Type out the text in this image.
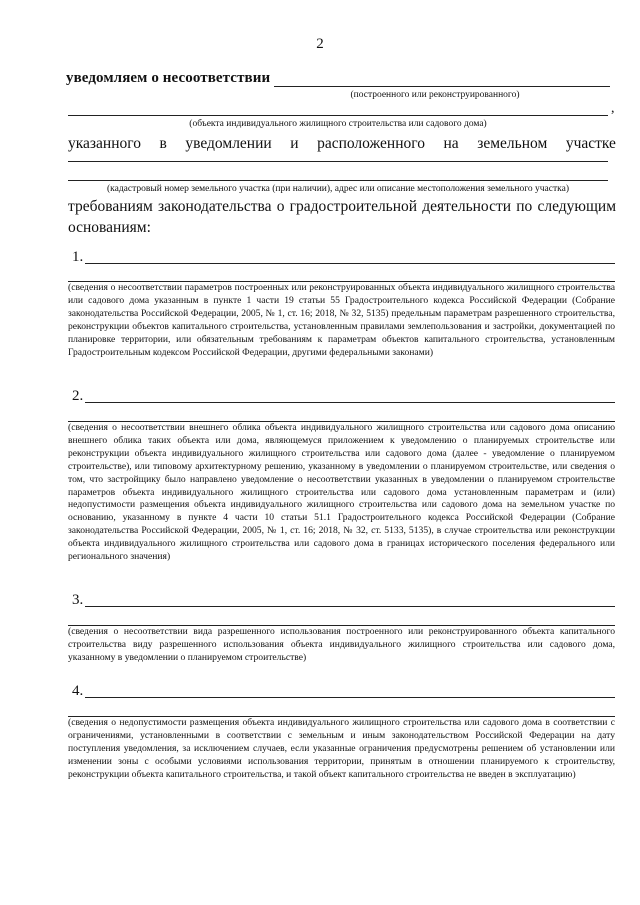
2
уведомляем о несоответствии
(построенного или реконструированного)
,
(объекта индивидуального жилищного строительства или садового дома)
указанного в уведомлении и расположенного на земельном участке
(кадастровый номер земельного участка (при наличии), адрес или описание местоположения земельного участка)
требованиям законодательства о градостроительной деятельности по следующим основаниям:
1.
(сведения о несоответствии параметров построенных или реконструированных объекта индивидуального жилищного строительства или садового дома указанным в пункте 1 части 19 статьи 55 Градостроительного кодекса Российской Федерации (Собрание законодательства Российской Федерации, 2005, № 1, ст. 16; 2018, № 32, 5135) предельным параметрам разрешенного строительства, реконструкции объектов капитального строительства, установленным правилами землепользования и застройки, документацией по планировке территории, или обязательным требованиям к параметрам объектов капитального строительства, установленным Градостроительным кодексом Российской Федерации, другими федеральными законами)
2.
(сведения о несоответствии внешнего облика объекта индивидуального жилищного строительства или садового дома описанию внешнего облика таких объекта или дома, являющемуся приложением к уведомлению о планируемых строительстве или реконструкции объекта индивидуального жилищного строительства или садового дома (далее - уведомление о планируемом строительстве), или типовому архитектурному решению, указанному в уведомлении о планируемом строительстве, или сведения о том, что застройщику было направлено уведомление о несоответствии указанных в уведомлении о планируемом строительстве параметров объекта индивидуального жилищного строительства или садового дома установленным параметрам и (или) недопустимости размещения объекта индивидуального жилищного строительства или садового дома на земельном участке по основанию, указанному в пункте 4 части 10 статьи 51.1 Градостроительного кодекса Российской Федерации (Собрание законодательства Российской Федерации, 2005, № 1, ст. 16; 2018, № 32, ст. 5133, 5135), в случае строительства или реконструкции объекта индивидуального жилищного строительства или садового дома в границах исторического поселения федерального или регионального значения)
3.
(сведения о несоответствии вида разрешенного использования построенного или реконструированного объекта капитального строительства виду разрешенного использования объекта индивидуального жилищного строительства или садового дома, указанному в уведомлении о планируемом строительстве)
4.
(сведения о недопустимости размещения объекта индивидуального жилищного строительства или садового дома в соответствии с ограничениями, установленными в соответствии с земельным и иным законодательством Российской Федерации на дату поступления уведомления, за исключением случаев, если указанные ограничения предусмотрены решением об установлении или изменении зоны с особыми условиями использования территории, принятым в отношении планируемого к строительству, реконструкции объекта капитального строительства, и такой объект капитального строительства не введен в эксплуатацию)
